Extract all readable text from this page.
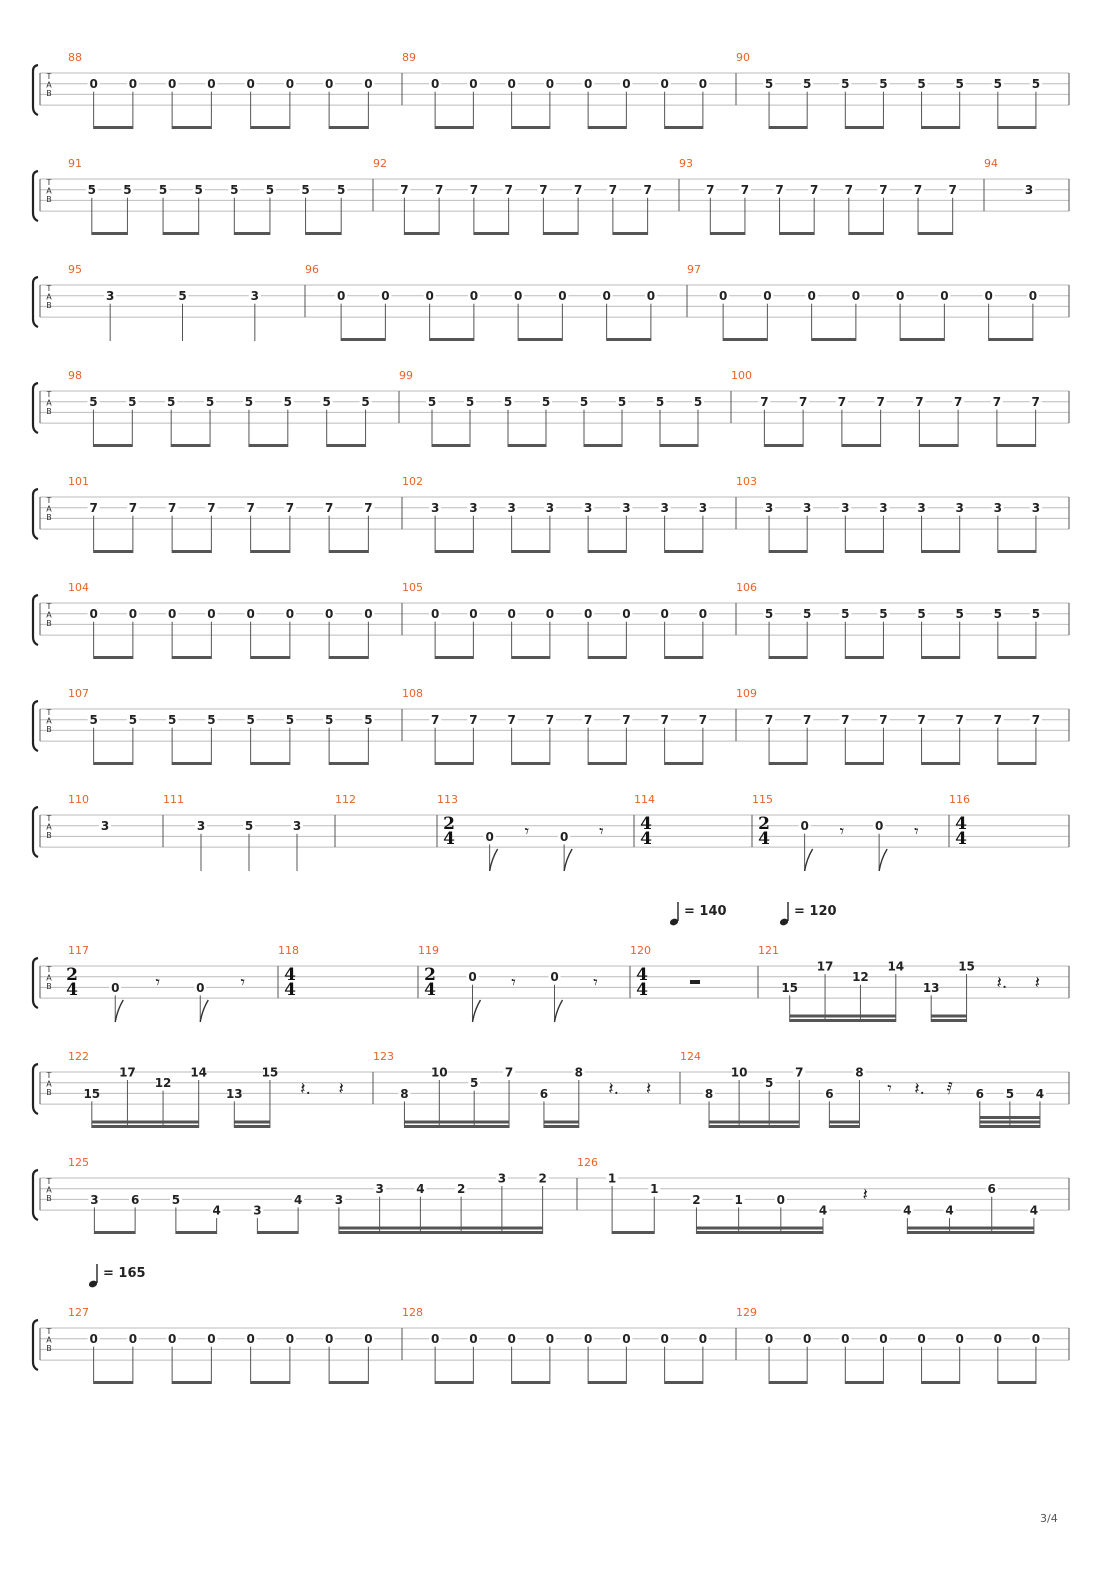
T
A
B
88
0	0	0	0	0	0	0	0
89
0 0 0 0 0 0 0 0
90
5 5 5 5 5 5 5 5
T
A
B
91
5 5 5 5 5 5 5 5
92
7 7 7 7 7 7 7 7
93
7 7 7 7 7 7 7 7
94
3
T
A
B
95
3	5	3
96
0	0	0	0	0	0	0	0
97
0	0	0	0	0	0	0	0
T
A
B
98
5	5	5	5	5	5	5	5
99
5 5 5 5 5 5 5 5
100
7	7	7	7	7	7	7	7
T
A
B
101
7	7	7	7	7	7	7	7
102
3 3 3 3 3 3 3 3
103
3 3 3 3 3 3 3 3
T
A
B
104
0	0	0	0	0	0	0	0
105
0 0 0 0 0 0 0 0
106
5 5 5 5 5 5 5 5
T
A
B
107
5	5	5	5	5	5	5	5
108
7 7 7 7 7 7 7 7
109
7 7 7 7 7 7 7 7
T
A
B
110
3
111
3	5	3
112	113
2
4	0 𝄾	0 𝄾
114
4
4
115
2
4
0 𝄾	0 𝄾
116
4
4
T
A
B
= 140	= 120
117
2
4	0 𝄾	0 𝄾
118
4
4
119
2
4
0 𝄾	0 𝄾
120
4
4
121
15
17
12
14
13
15
𝄽. 𝄽
T
A
B
122
15
17
12
14
13
15
𝄽. 𝄽
123
8
10
5
7
6
8
𝄽. 𝄽
124
8
10
5
7
6
8
𝄾 𝄽. 𝅀 6 5 4
T
A
B
125
3	6	5
4	3
4	3
3	4	2
3	2
126
1
1
2	1	0
4
𝄽
4	4
6
4
T
A
B
= 165
127
0	0	0	0	0	0	0	0
128
0 0 0 0 0 0 0 0
129
0 0 0 0 0 0 0 0
3/4
